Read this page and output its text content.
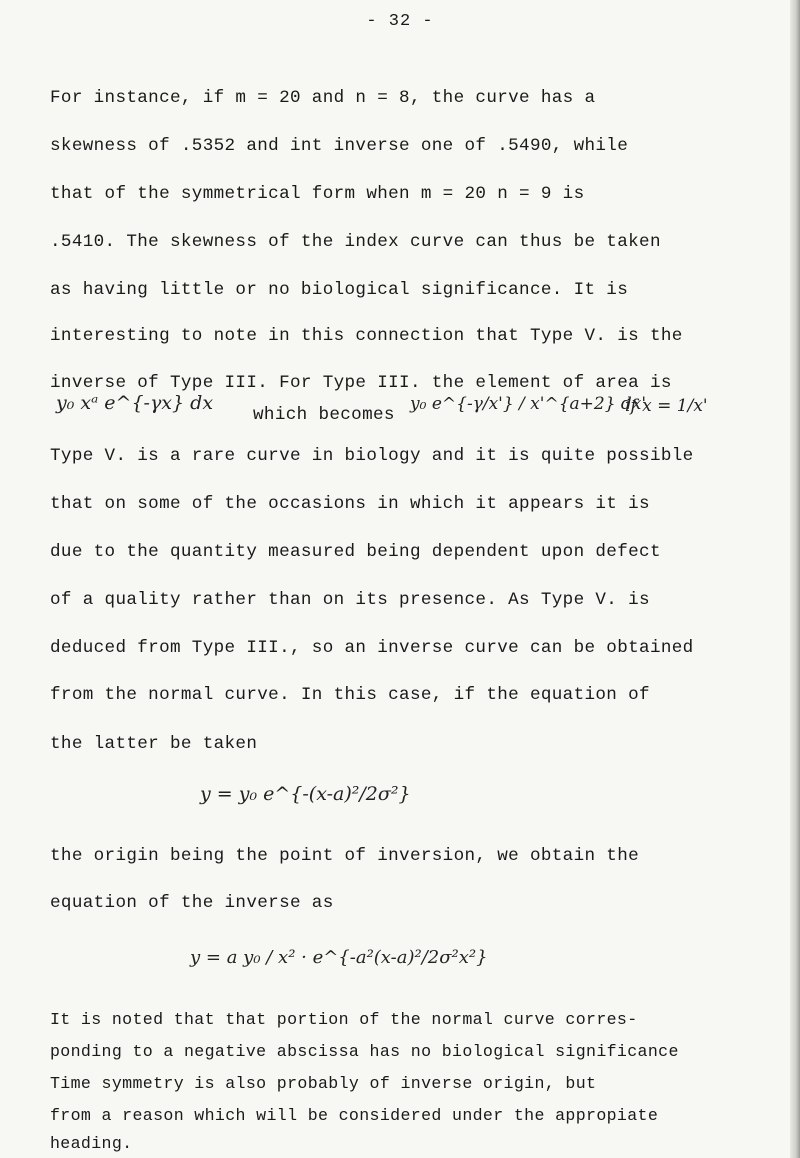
- 32 -
For instance, if m = 20 and n = 8, the curve has a
skewness of .5352 and int inverse one of .5490, while
that of the symmetrical form when m = 20 n = 9 is
.5410. The skewness of the index curve can thus be taken
as having little or no biological significance. It is
interesting to note in this connection that Type V. is the
inverse of Type III. For Type III. the element of area is
y₀ xᵃ e^{-γx} dx
which becomes
y₀ e^{-γ/x'} / x'^{a+2} dx'
if x = 1/x'
Type V. is a rare curve in biology and it is quite possible
that on some of the occasions in which it appears it is
due to the quantity measured being dependent upon defect
of a quality rather than on its presence. As Type V. is
deduced from Type III., so an inverse curve can be obtained
from the normal curve. In this case, if the equation of
the latter be taken
y = y₀ e^{-(x-a)²/2σ²}
the origin being the point of inversion, we obtain the
equation of the inverse as
y = a y₀ / x² · e^{-a²(x-a)²/2σ²x²}
It is noted that that portion of the normal curve corres-
ponding to a negative abscissa has no biological significance
Time symmetry is also probably of inverse origin, but
from a reason which will be considered under the appropiate
heading.
